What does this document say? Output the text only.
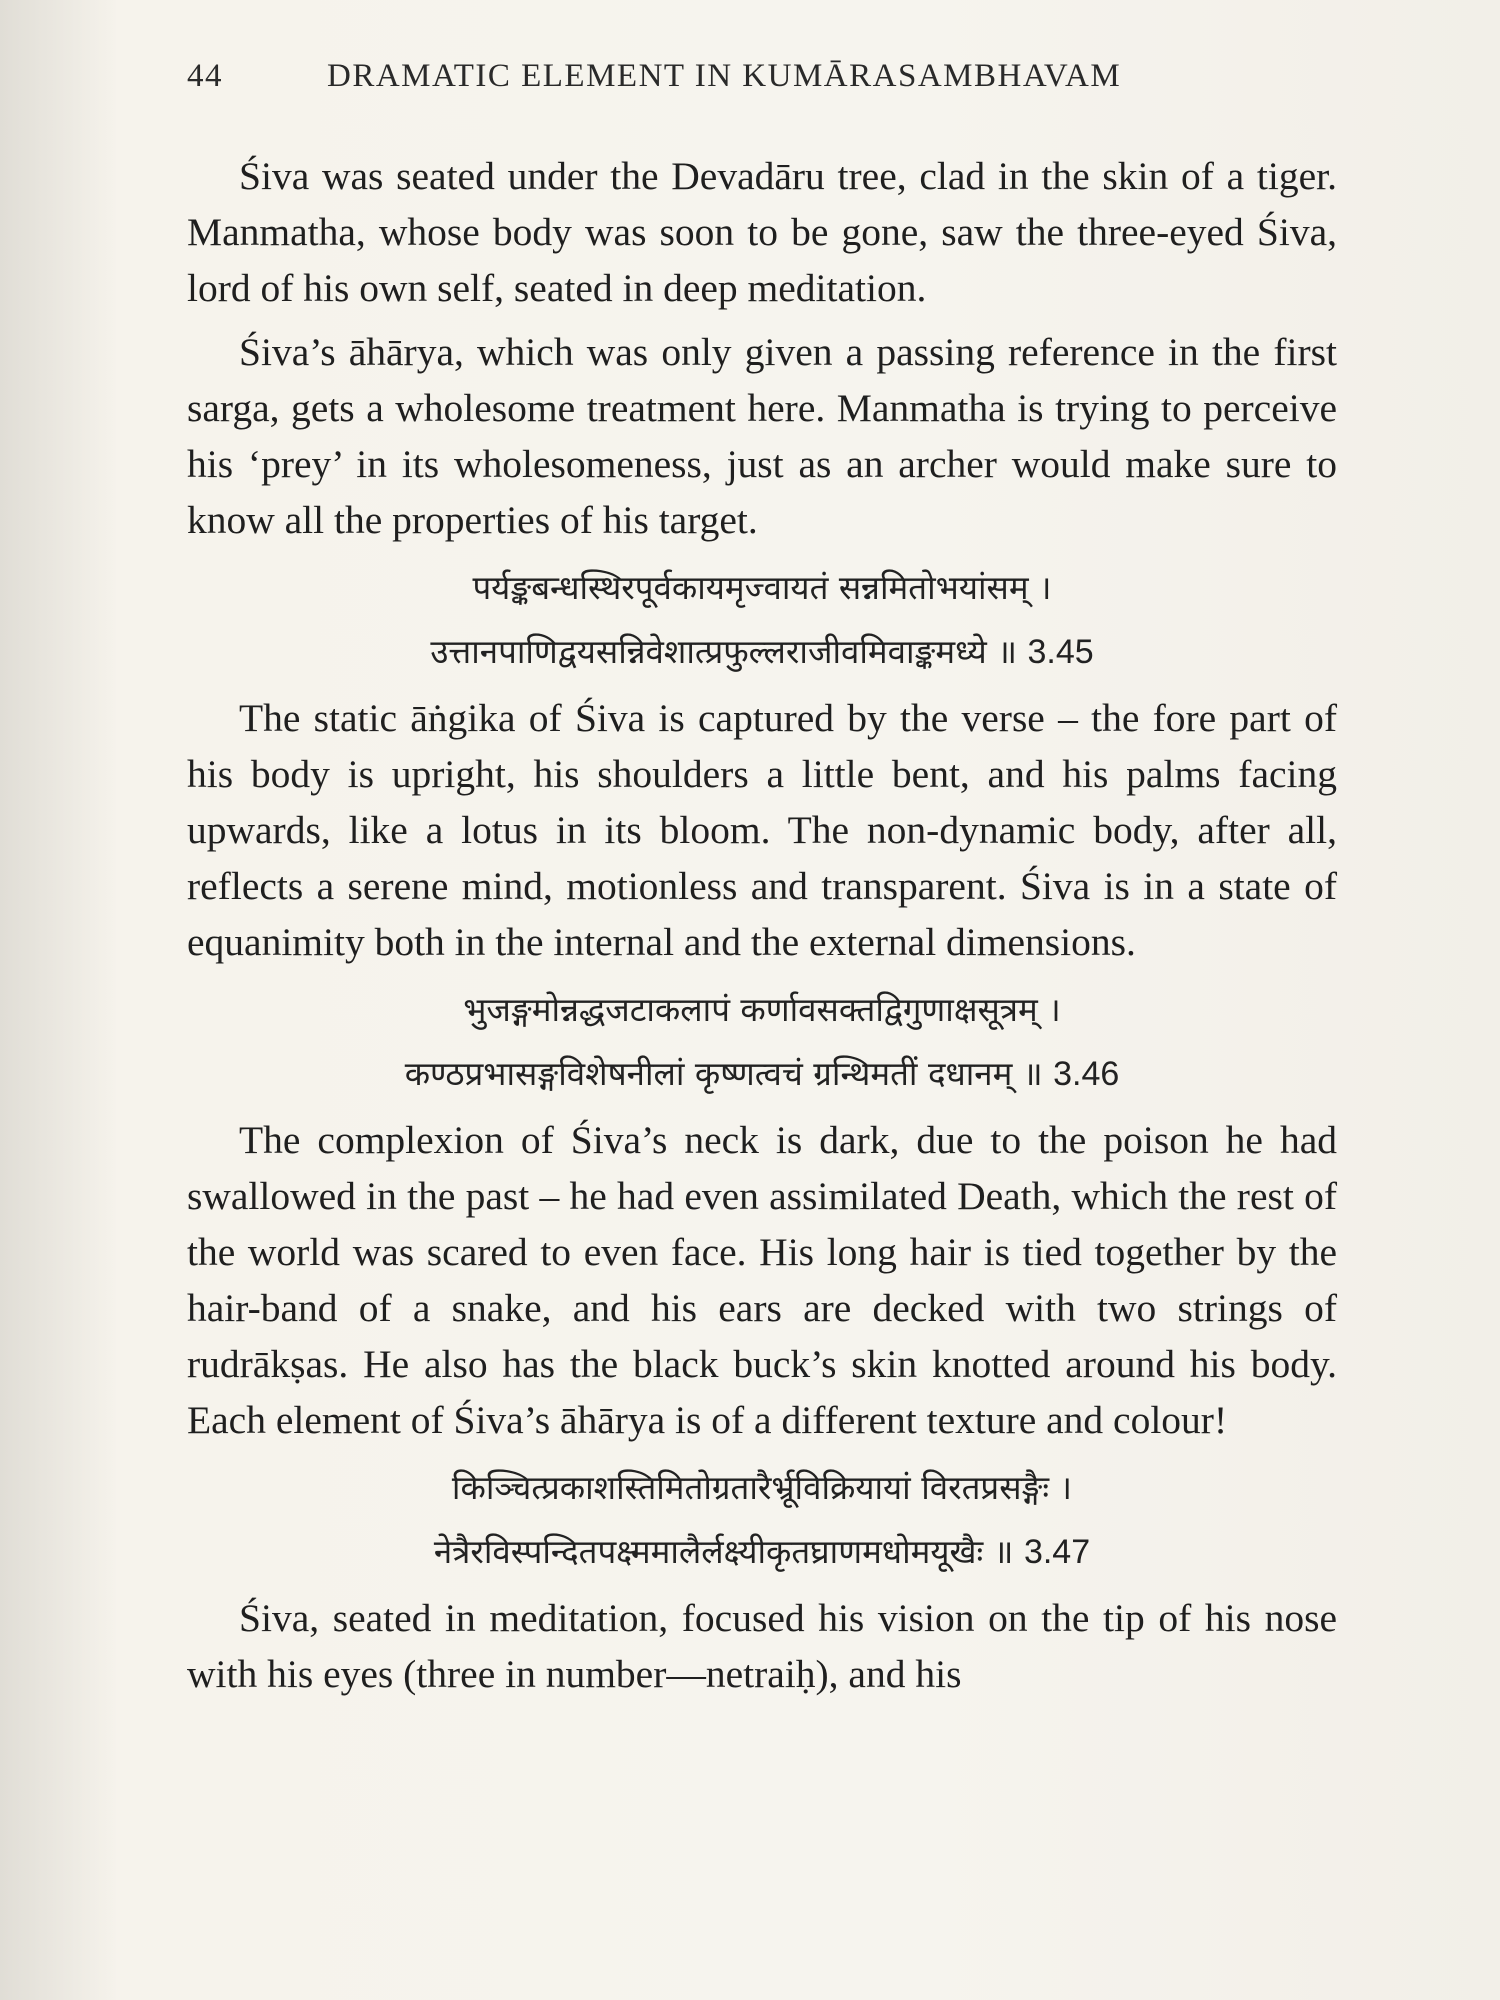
44	DRAMATIC ELEMENT IN KUMĀRASAMBHAVAM

Śiva was seated under the Devadāru tree, clad in the skin of a tiger. Manmatha, whose body was soon to be gone, saw the three-eyed Śiva, lord of his own self, seated in deep meditation.

Śiva’s āhārya, which was only given a passing reference in the first sarga, gets a wholesome treatment here. Manmatha is trying to perceive his ‘prey’ in its wholesomeness, just as an archer would make sure to know all the properties of his target.

पर्यङ्कबन्धस्थिरपूर्वकायमृज्वायतं सन्नमितोभयांसम् ।
उत्तानपाणिद्वयसन्निवेशात्प्रफुल्लराजीवमिवाङ्कमध्ये ॥ 3.45

The static āṅgika of Śiva is captured by the verse – the fore part of his body is upright, his shoulders a little bent, and his palms facing upwards, like a lotus in its bloom. The non-dynamic body, after all, reflects a serene mind, motionless and transparent. Śiva is in a state of equanimity both in the internal and the external dimensions.

भुजङ्गमोन्नद्धजटाकलापं कर्णावसक्तद्विगुणाक्षसूत्रम् ।
कण्ठप्रभासङ्गविशेषनीलां कृष्णत्वचं ग्रन्थिमतीं दधानम् ॥ 3.46

The complexion of Śiva’s neck is dark, due to the poison he had swallowed in the past – he had even assimilated Death, which the rest of the world was scared to even face. His long hair is tied together by the hair-band of a snake, and his ears are decked with two strings of rudrākṣas. He also has the black buck’s skin knotted around his body. Each element of Śiva’s āhārya is of a different texture and colour!

किञ्चित्प्रकाशस्तिमितोग्रतारैर्भ्रूविक्रियायां विरतप्रसङ्गैः ।
नेत्रैरविस्पन्दितपक्ष्ममालैर्लक्ष्यीकृतघ्राणमधोमयूखैः ॥ 3.47

Śiva, seated in meditation, focused his vision on the tip of his nose with his eyes (three in number—netraiḥ), and his
